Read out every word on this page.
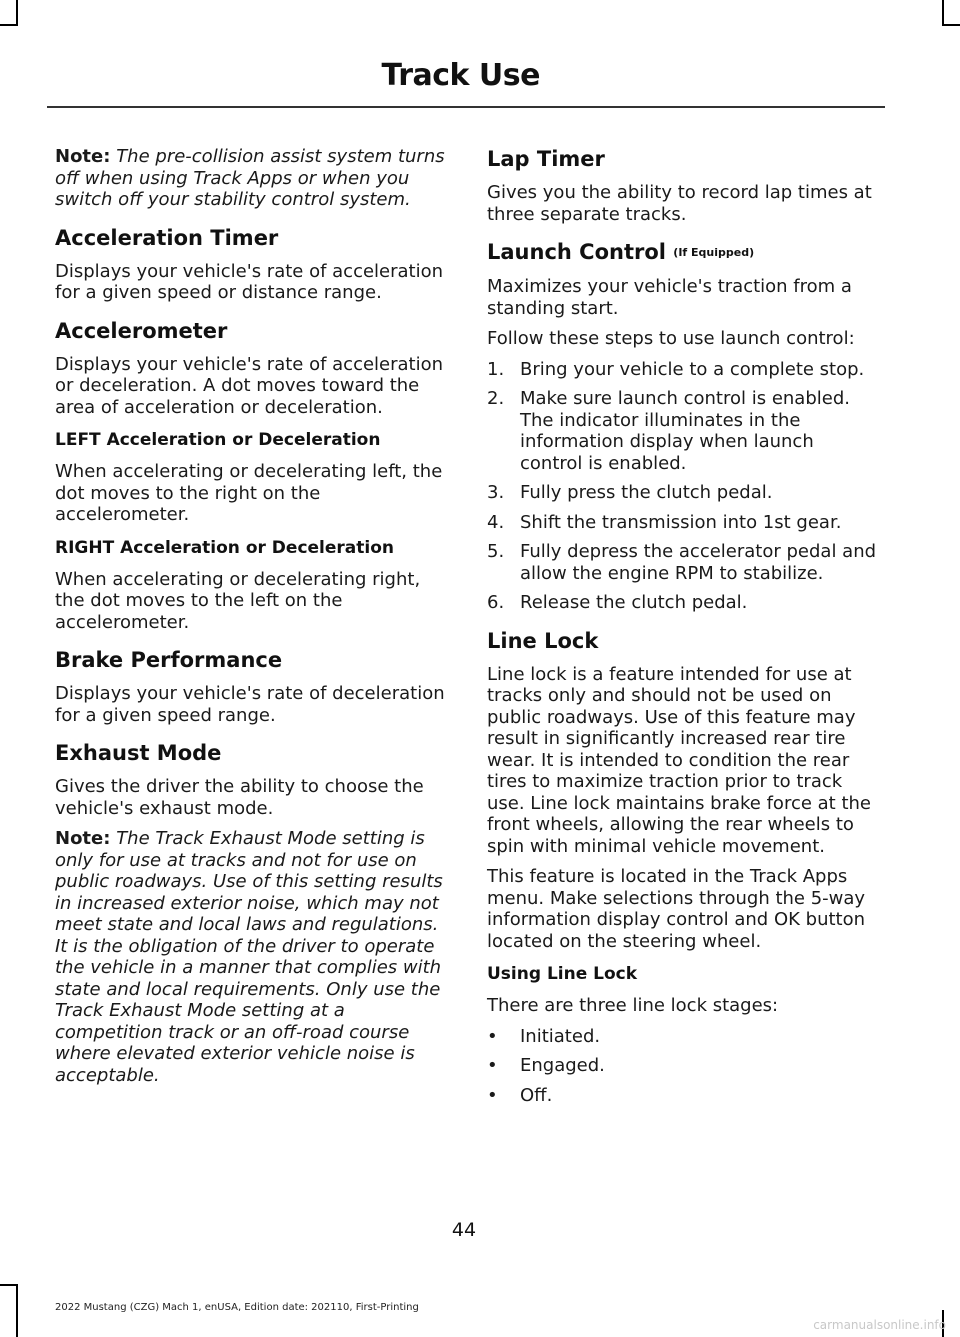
Track Use

Note: The pre-collision assist system turns off when using Track Apps or when you switch off your stability control system.

Acceleration Timer

Displays your vehicle's rate of acceleration for a given speed or distance range.

Accelerometer

Displays your vehicle's rate of acceleration or deceleration. A dot moves toward the area of acceleration or deceleration.

LEFT Acceleration or Deceleration

When accelerating or decelerating left, the dot moves to the right on the accelerometer.

RIGHT Acceleration or Deceleration

When accelerating or decelerating right, the dot moves to the left on the accelerometer.

Brake Performance

Displays your vehicle's rate of deceleration for a given speed range.

Exhaust Mode

Gives the driver the ability to choose the vehicle's exhaust mode.

Note: The Track Exhaust Mode setting is only for use at tracks and not for use on public roadways. Use of this setting results in increased exterior noise, which may not meet state and local laws and regulations. It is the obligation of the driver to operate the vehicle in a manner that complies with state and local requirements. Only use the Track Exhaust Mode setting at a competition track or an off-road course where elevated exterior vehicle noise is acceptable.

Lap Timer

Gives you the ability to record lap times at three separate tracks.

Launch Control (If Equipped)

Maximizes your vehicle's traction from a standing start.

Follow these steps to use launch control:

1. Bring your vehicle to a complete stop.
2. Make sure launch control is enabled. The indicator illuminates in the information display when launch control is enabled.
3. Fully press the clutch pedal.
4. Shift the transmission into 1st gear.
5. Fully depress the accelerator pedal and allow the engine RPM to stabilize.
6. Release the clutch pedal.
Line Lock

Line lock is a feature intended for use at tracks only and should not be used on public roadways. Use of this feature may result in significantly increased rear tire wear. It is intended to condition the rear tires to maximize traction prior to track use. Line lock maintains brake force at the front wheels, allowing the rear wheels to spin with minimal vehicle movement.

This feature is located in the Track Apps menu. Make selections through the 5-way information display control and OK button located on the steering wheel.

Using Line Lock

There are three line lock stages:

•	Initiated.
•	Engaged.
•	Off.
44
2022 Mustang (CZG) Mach 1, enUSA, Edition date: 202110, First-Printing
carmanualsonline.info
